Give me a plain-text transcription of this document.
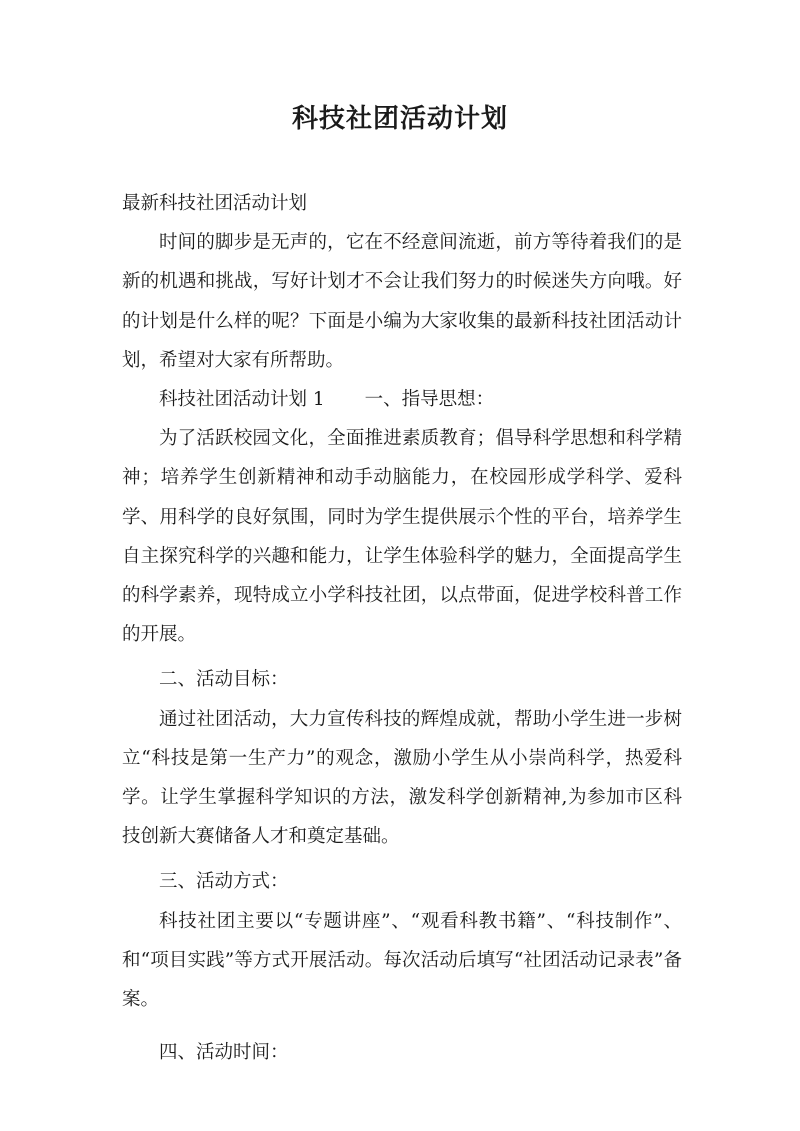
科技社团活动计划

最新科技社团活动计划

时间的脚步是无声的，它在不经意间流逝，前方等待着我们的是新的机遇和挑战，写好计划才不会让我们努力的时候迷失方向哦。好的计划是什么样的呢？下面是小编为大家收集的最新科技社团活动计划，希望对大家有所帮助。

科技社团活动计划 1 一、指导思想：

为了活跃校园文化，全面推进素质教育；倡导科学思想和科学精神；培养学生创新精神和动手动脑能力，在校园形成学科学、爱科学、用科学的良好氛围，同时为学生提供展示个性的平台，培养学生自主探究科学的兴趣和能力，让学生体验科学的魅力，全面提高学生的科学素养，现特成立小学科技社团，以点带面，促进学校科普工作的开展。

二、活动目标：

通过社团活动，大力宣传科技的辉煌成就，帮助小学生进一步树立“科技是第一生产力”的观念，激励小学生从小崇尚科学，热爱科学。让学生掌握科学知识的方法，激发科学创新精神,为参加市区科技创新大赛储备人才和奠定基础。

三、活动方式：

科技社团主要以“专题讲座”、“观看科教书籍”、“科技制作”、和“项目实践”等方式开展活动。每次活动后填写“社团活动记录表”备案。

四、活动时间：
